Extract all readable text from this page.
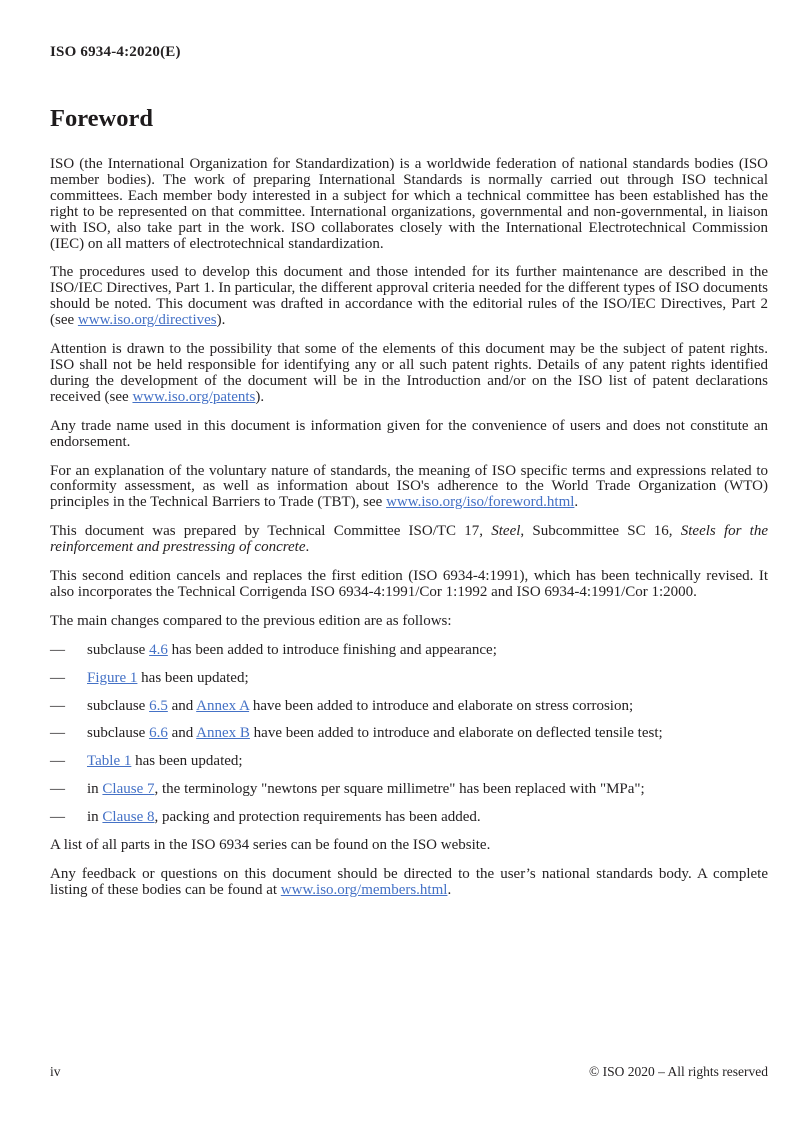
ISO 6934-4:2020(E)
Foreword

ISO (the International Organization for Standardization) is a worldwide federation of national standards bodies (ISO member bodies). The work of preparing International Standards is normally carried out through ISO technical committees. Each member body interested in a subject for which a technical committee has been established has the right to be represented on that committee. International organizations, governmental and non-governmental, in liaison with ISO, also take part in the work. ISO collaborates closely with the International Electrotechnical Commission (IEC) on all matters of electrotechnical standardization.

The procedures used to develop this document and those intended for its further maintenance are described in the ISO/IEC Directives, Part 1. In particular, the different approval criteria needed for the different types of ISO documents should be noted. This document was drafted in accordance with the editorial rules of the ISO/IEC Directives, Part 2 (see www.iso.org/directives).

Attention is drawn to the possibility that some of the elements of this document may be the subject of patent rights. ISO shall not be held responsible for identifying any or all such patent rights. Details of any patent rights identified during the development of the document will be in the Introduction and/or on the ISO list of patent declarations received (see www.iso.org/patents).

Any trade name used in this document is information given for the convenience of users and does not constitute an endorsement.

For an explanation of the voluntary nature of standards, the meaning of ISO specific terms and expressions related to conformity assessment, as well as information about ISO's adherence to the World Trade Organization (WTO) principles in the Technical Barriers to Trade (TBT), see www.iso.org/iso/foreword.html.

This document was prepared by Technical Committee ISO/TC 17, Steel, Subcommittee SC 16, Steels for the reinforcement and prestressing of concrete.

This second edition cancels and replaces the first edition (ISO 6934-4:1991), which has been technically revised. It also incorporates the Technical Corrigenda ISO 6934-4:1991/Cor 1:1992 and ISO 6934-4:1991/Cor 1:2000.

The main changes compared to the previous edition are as follows:

— subclause 4.6 has been added to introduce finishing and appearance;
— Figure 1 has been updated;
— subclause 6.5 and Annex A have been added to introduce and elaborate on stress corrosion;
— subclause 6.6 and Annex B have been added to introduce and elaborate on deflected tensile test;
— Table 1 has been updated;
— in Clause 7, the terminology "newtons per square millimetre" has been replaced with "MPa";
— in Clause 8, packing and protection requirements has been added.

A list of all parts in the ISO 6934 series can be found on the ISO website.

Any feedback or questions on this document should be directed to the user’s national standards body. A complete listing of these bodies can be found at www.iso.org/members.html.

iv	© ISO 2020 – All rights reserved
